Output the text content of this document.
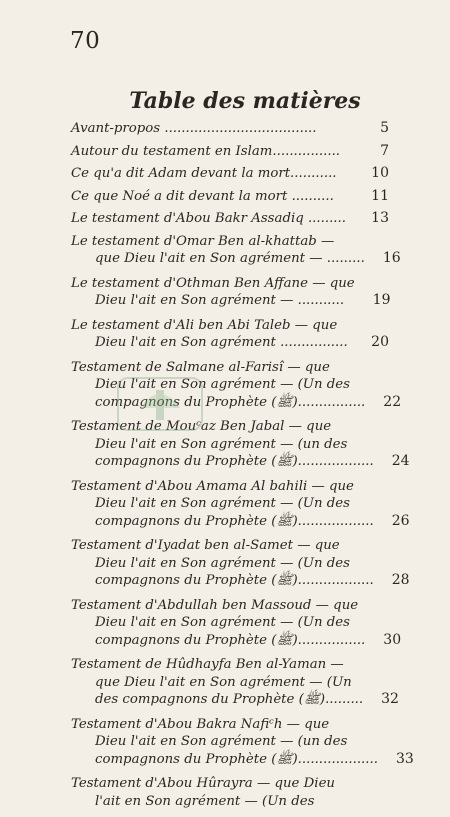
70
Table des matières
Avant-propos ....................................	5
Autour du testament en Islam................	7
Ce qu'a dit Adam devant la mort...........	10
Ce que Noé a dit devant la mort ..........	11
Le testament d'Abou Bakr Assadiq .........	13
Le testament d'Omar Ben al-khattab —
que Dieu l'ait en Son agrément — ......... 16
Le testament d'Othman Ben Affane — que
Dieu l'ait en Son agrément — ...........	19
Le testament d'Ali ben Abi Taleb — que
Dieu l'ait en Son agrément ................	20
Testament de Salmane al-Farisî — que
Dieu l'ait en Son agrément — (Un des
compagnons du Prophète (ﷺ)................ 22
Testament de Mouᶜaz Ben Jabal — que
Dieu l'ait en Son agrément — (un des
compagnons du Prophète (ﷺ).................. 24
Testament d'Abou Amama Al bahili — que
Dieu l'ait en Son agrément — (Un des
compagnons du Prophète (ﷺ).................. 26
Testament d'Iyadat ben al-Samet — que
Dieu l'ait en Son agrément — (Un des
compagnons du Prophète (ﷺ).................. 28
Testament d'Abdullah ben Massoud — que
Dieu l'ait en Son agrément — (Un des
compagnons du Prophète (ﷺ)................ 30
Testament de Hûdhayfa Ben al-Yaman —
que Dieu l'ait en Son agrément — (Un
des compagnons du Prophète (ﷺ)......... 32
Testament d'Abou Bakra Nafiᶜh — que
Dieu l'ait en Son agrément — (un des
compagnons du Prophète (ﷺ)................... 33
Testament d'Abou Hûrayra — que Dieu
l'ait en Son agrément — (Un des
